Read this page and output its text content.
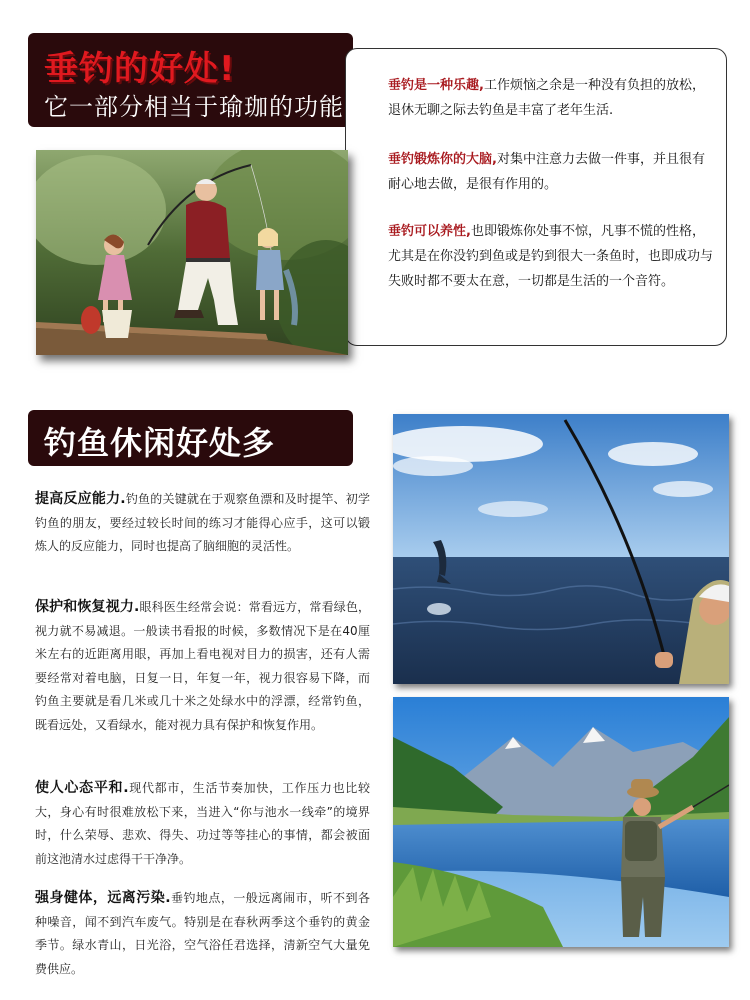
垂钓的好处!
它一部分相当于瑜珈的功能
垂钓是一种乐趣,工作烦恼之余是一种没有负担的放松，退休无聊之际去钓鱼是丰富了老年生活.
垂钓锻炼你的大脑,对集中注意力去做一件事，并且很有耐心地去做，是很有作用的。
垂钓可以养性,也即锻炼你处事不惊，凡事不慌的性格，尤其是在你没钓到鱼或是钓到很大一条鱼时，也即成功与失败时都不要太在意，一切都是生活的一个音符。
钓鱼休闲好处多

提高反应能力.钓鱼的关键就在于观察鱼漂和及时提竿、初学钓鱼的朋友，要经过较长时间的练习才能得心应手，这可以锻炼人的反应能力，同时也提高了脑细胞的灵活性。

保护和恢复视力.眼科医生经常会说：常看远方，常看绿色，视力就不易减退。一般读书看报的时候，多数情况下是在40厘米左右的近距离用眼，再加上看电视对目力的损害，还有人需要经常对着电脑，日复一日，年复一年，视力很容易下降，而钓鱼主要就是看几米或几十米之处绿水中的浮漂，经常钓鱼，既看远处，又看绿水，能对视力具有保护和恢复作用。

使人心态平和.现代都市，生活节奏加快，工作压力也比较大，身心有时很难放松下来，当进入“你与池水一线牵”的境界时，什么荣辱、悲欢、得失、功过等等挂心的事情，都会被面前这池清水过虑得干干净净。

强身健体，远离污染.垂钓地点，一般远离闹市，听不到各种噪音，闻不到汽车废气。特别是在春秋两季这个垂钓的黄金季节。绿水青山，日光浴，空气浴任君选择，清新空气大量免费供应。
